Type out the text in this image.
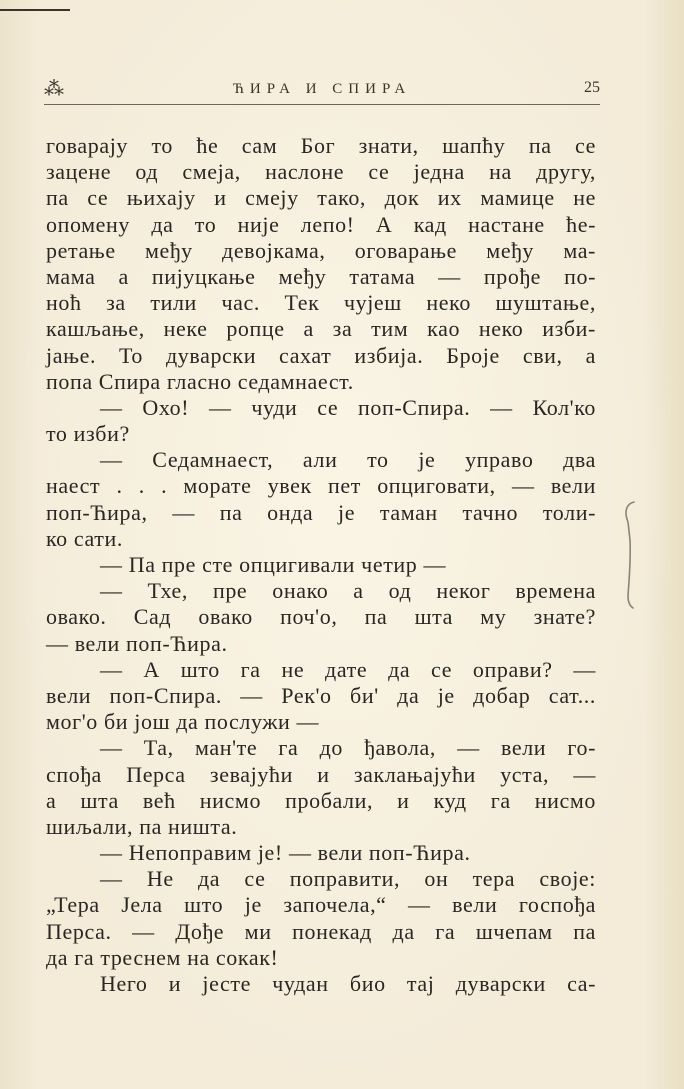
⁂	ЋИРА И СПИРА	25
говарају то ће сам Бог знати, шапћу па се
зацене од смеја, наслоне се једна на другу,
па се њихају и смеју тако, док их мамице не
опомену да то није лепо! А кад настане ће-
ретање међу девојкама, оговарање међу ма-
мама а пијуцкање међу татама — прође по-
ноћ за тили час. Тек чујеш неко шуштање,
кашљање, неке ропце а за тим као неко изби-
јање. То дуварски сахат избија. Броје сви, а
попа Спира гласно седамнаест.
— Охо! — чуди се поп-Спира. — Кол'ко
то изби?
— Седамнаест, али то је управо два
наест . . . морате увек пет опциговати, — вели
поп-Ћира, — па онда је таман тачно толи-
ко сати.
— Па пре сте опцигивали четир —
— Тхе, пре онако а од неког времена
овако. Сад овако поч'о, па шта му знате?
— вели поп-Ћира.
— А што га не дате да се оправи? —
вели поп-Спира. — Рек'о би' да је добар сат...
мог'о би још да послужи —
— Та, ман'те га до ђавола, — вели го-
спођа Перса зевајући и заклањајући уста, —
а шта већ нисмо пробали, и куд га нисмо
шиљали, па ништа.
— Непоправим је! — вели поп-Ћира.
— Не да се поправити, он тера своје:
„Тера Јела што је започела,“ — вели госпођа
Перса. — Дође ми понекад да га шчепам па
да га треснем на сокак!
Него и јесте чудан био тај дуварски са-
